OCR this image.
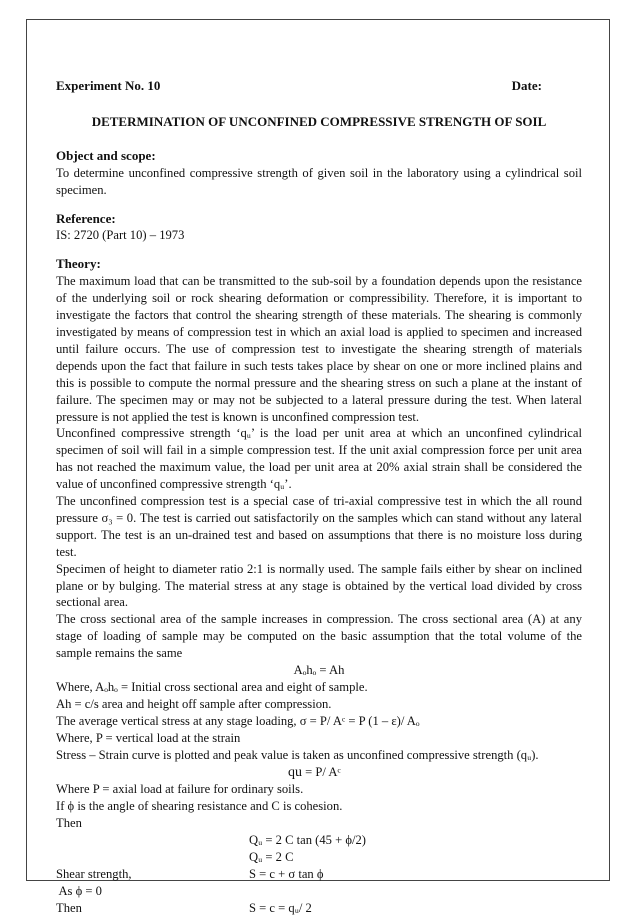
Experiment No. 10	Date:
DETERMINATION OF UNCONFINED COMPRESSIVE STRENGTH OF SOIL
Object and scope:
To determine unconfined compressive strength of given soil in the laboratory using a cylindrical soil specimen.
Reference:
IS: 2720 (Part 10) – 1973
Theory:
The maximum load that can be transmitted to the sub-soil by a foundation depends upon the resistance of the underlying soil or rock shearing deformation or compressibility. Therefore, it is important to investigate the factors that control the shearing strength of these materials. The shearing is commonly investigated by means of compression test in which an axial load is applied to specimen and increased until failure occurs. The use of compression test to investigate the shearing strength of materials depends upon the fact that failure in such tests takes place by shear on one or more inclined plains and this is possible to compute the normal pressure and the shearing stress on such a plane at the instant of failure. The specimen may or may not be subjected to a lateral pressure during the test. When lateral pressure is not applied the test is known is unconfined compression test.
Unconfined compressive strength ‘qᵤ’ is the load per unit area at which an unconfined cylindrical specimen of soil will fail in a simple compression test. If the unit axial compression force per unit area has not reached the maximum value, the load per unit area at 20% axial strain shall be considered the value of unconfined compressive strength ‘qᵤ’.
The unconfined compression test is a special case of tri-axial compressive test in which the all round pressure σ₃ = 0. The test is carried out satisfactorily on the samples which can stand without any lateral support. The test is an un-drained test and based on assumptions that there is no moisture loss during test.
Specimen of height to diameter ratio 2:1 is normally used. The sample fails either by shear on inclined plane or by bulging. The material stress at any stage is obtained by the vertical load divided by cross sectional area.
The cross sectional area of the sample increases in compression. The cross sectional area (A) at any stage of loading of sample may be computed on the basic assumption that the total volume of the sample remains the same
Aₒhₒ = Ah
Where, Aₒhₒ = Initial cross sectional area and eight of sample.
Ah = c/s area and height off sample after compression.
The average vertical stress at any stage loading, σ = P/ Aᶜ = P (1 – ε)/ Aₒ
Where, P = vertical load at the strain
Stress – Strain curve is plotted and peak value is taken as unconfined compressive strength (qᵤ).
qu = P/ Aᶜ
Where P = axial load at failure for ordinary soils.
If ϕ is the angle of shearing resistance and C is cohesion.
Then
Qᵤ = 2 C tan (45 + ϕ/2)
Qᵤ = 2 C
Shear strength,	S = c + σ tan ϕ
As ϕ = 0
Then	S = c = qᵤ/ 2
